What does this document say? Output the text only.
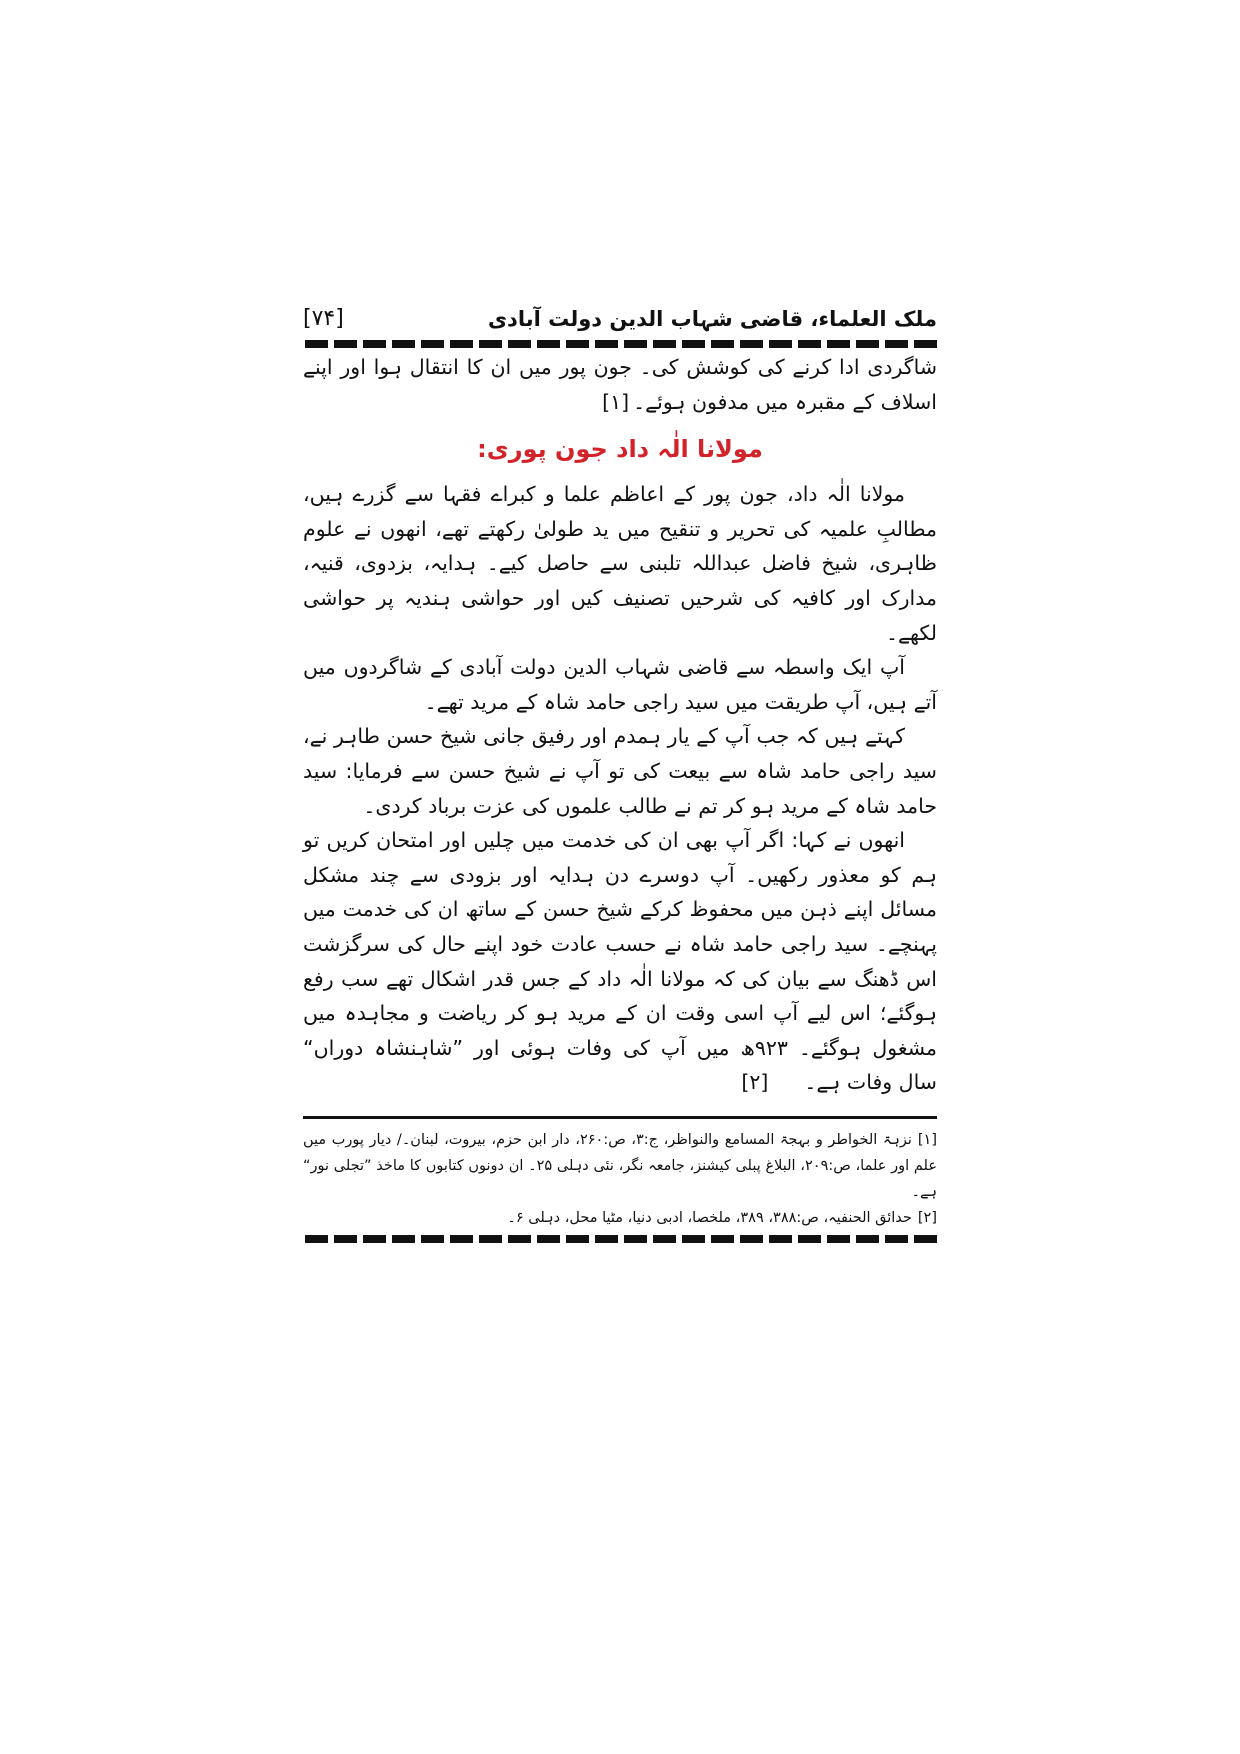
ملک العلماء، قاضی شہاب الدین دولت آبادی
[۷۴]

شاگردی ادا کرنے کی کوشش کی۔ جون پور میں ان کا انتقال ہوا اور اپنے اسلاف کے مقبرہ میں مدفون ہوئے۔[۱]

مولانا الٰہ داد جون پوری:

مولانا الٰہ داد، جون پور کے اعاظم علما و کبراے فقہا سے گزرے ہیں، مطالبِ علمیہ کی تحریر و تنقیح میں ید طولیٰ رکھتے تھے، انھوں نے علوم ظاہری، شیخ فاضل عبداللہ تلبنی سے حاصل کیے۔ ہدایہ، بزدوی، قنیہ، مدارک اور کافیہ کی شرحیں تصنیف کیں اور حواشی ہندیہ پر حواشی لکھے۔

آپ ایک واسطہ سے قاضی شہاب الدین دولت آبادی کے شاگردوں میں آتے ہیں، آپ طریقت میں سید راجی حامد شاہ کے مرید تھے۔

کہتے ہیں کہ جب آپ کے یار ہمدم اور رفیق جانی شیخ حسن طاہر نے، سید راجی حامد شاہ سے بیعت کی تو آپ نے شیخ حسن سے فرمایا: سید حامد شاہ کے مرید ہو کر تم نے طالب علموں کی عزت برباد کردی۔

انھوں نے کہا: اگر آپ بھی ان کی خدمت میں چلیں اور امتحان کریں تو ہم کو معذور رکھیں۔ آپ دوسرے دن ہدایہ اور بزودی سے چند مشکل مسائل اپنے ذہن میں محفوظ کرکے شیخ حسن کے ساتھ ان کی خدمت میں پہنچے۔ سید راجی حامد شاہ نے حسب عادت خود اپنے حال کی سرگزشت اس ڈھنگ سے بیان کی کہ مولانا الٰہ داد کے جس قدر اشکال تھے سب رفع ہوگئے؛ اس لیے آپ اسی وقت ان کے مرید ہو کر ریاضت و مجاہدہ میں مشغول ہوگئے۔ ۹۲۳ھ میں آپ کی وفات ہوئی اور ”شاہنشاہ دوراں“ سال وفات ہے۔[۲]

[۱]نزہۃ الخواطر و بہجۃ المسامع والنواظر، ج:۳، ص:۲۶۰، دار ابن حزم، بیروت، لبنان۔/ دیار پورب میں علم اور علما، ص:۲۰۹، البلاغ پبلی کیشنز، جامعہ نگر، نئی دہلی ۲۵۔ ان دونوں کتابوں کا ماخذ ”تجلی نور“ ہے۔

[۲]حدائق الحنفیہ، ص:۳۸۸، ۳۸۹، ملخصا، ادبی دنیا، مٹیا محل، دہلی ۶۔
